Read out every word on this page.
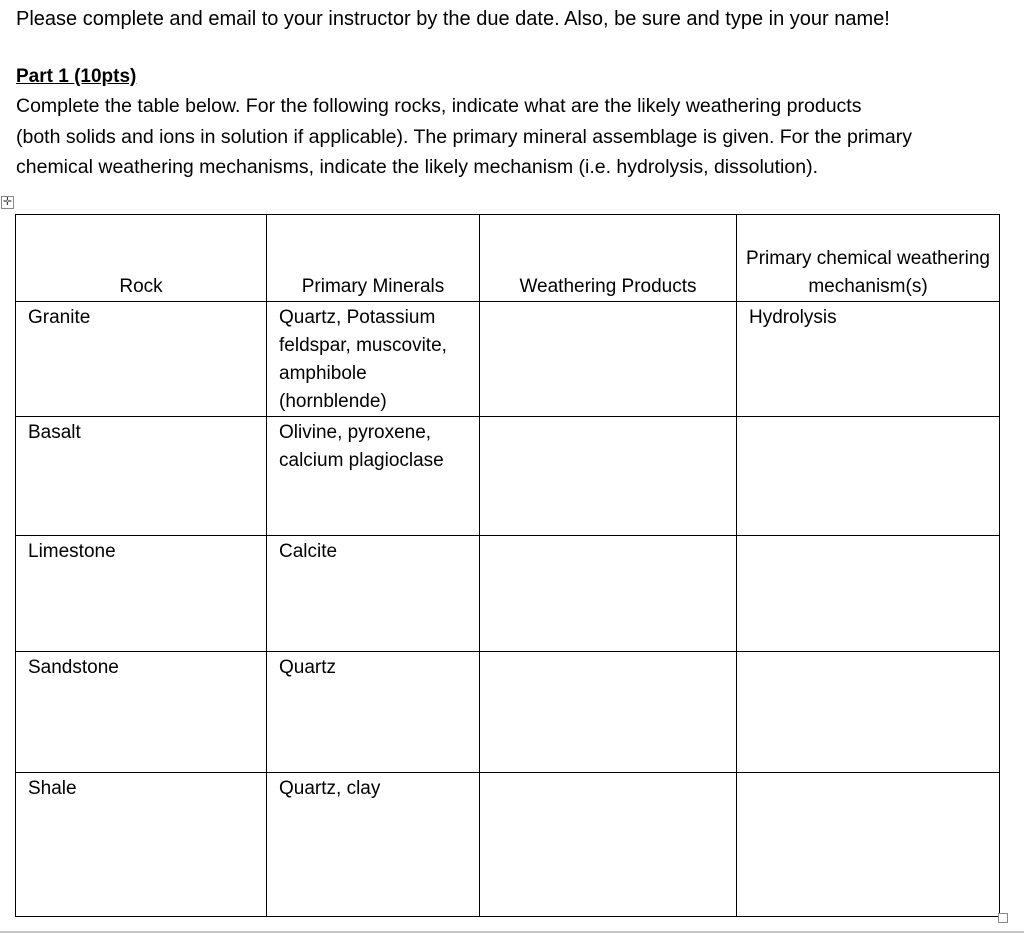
Please complete and email to your instructor by the due date. Also, be sure and type in your name!
Part 1 (10pts)
Complete the table below. For the following rocks, indicate what are the likely weathering products
(both solids and ions in solution if applicable). The primary mineral assemblage is given. For the primary
chemical weathering mechanisms, indicate the likely mechanism (i.e. hydrolysis, dissolution).
✛
Rock	Primary Minerals	Weathering Products	Primary chemical weathering mechanism(s)
Granite	Quartz, Potassium feldspar, muscovite, amphibole (hornblende)		Hydrolysis
Basalt	Olivine, pyroxene, calcium plagioclase		
Limestone	Calcite		
Sandstone	Quartz		
Shale	Quartz, clay		
